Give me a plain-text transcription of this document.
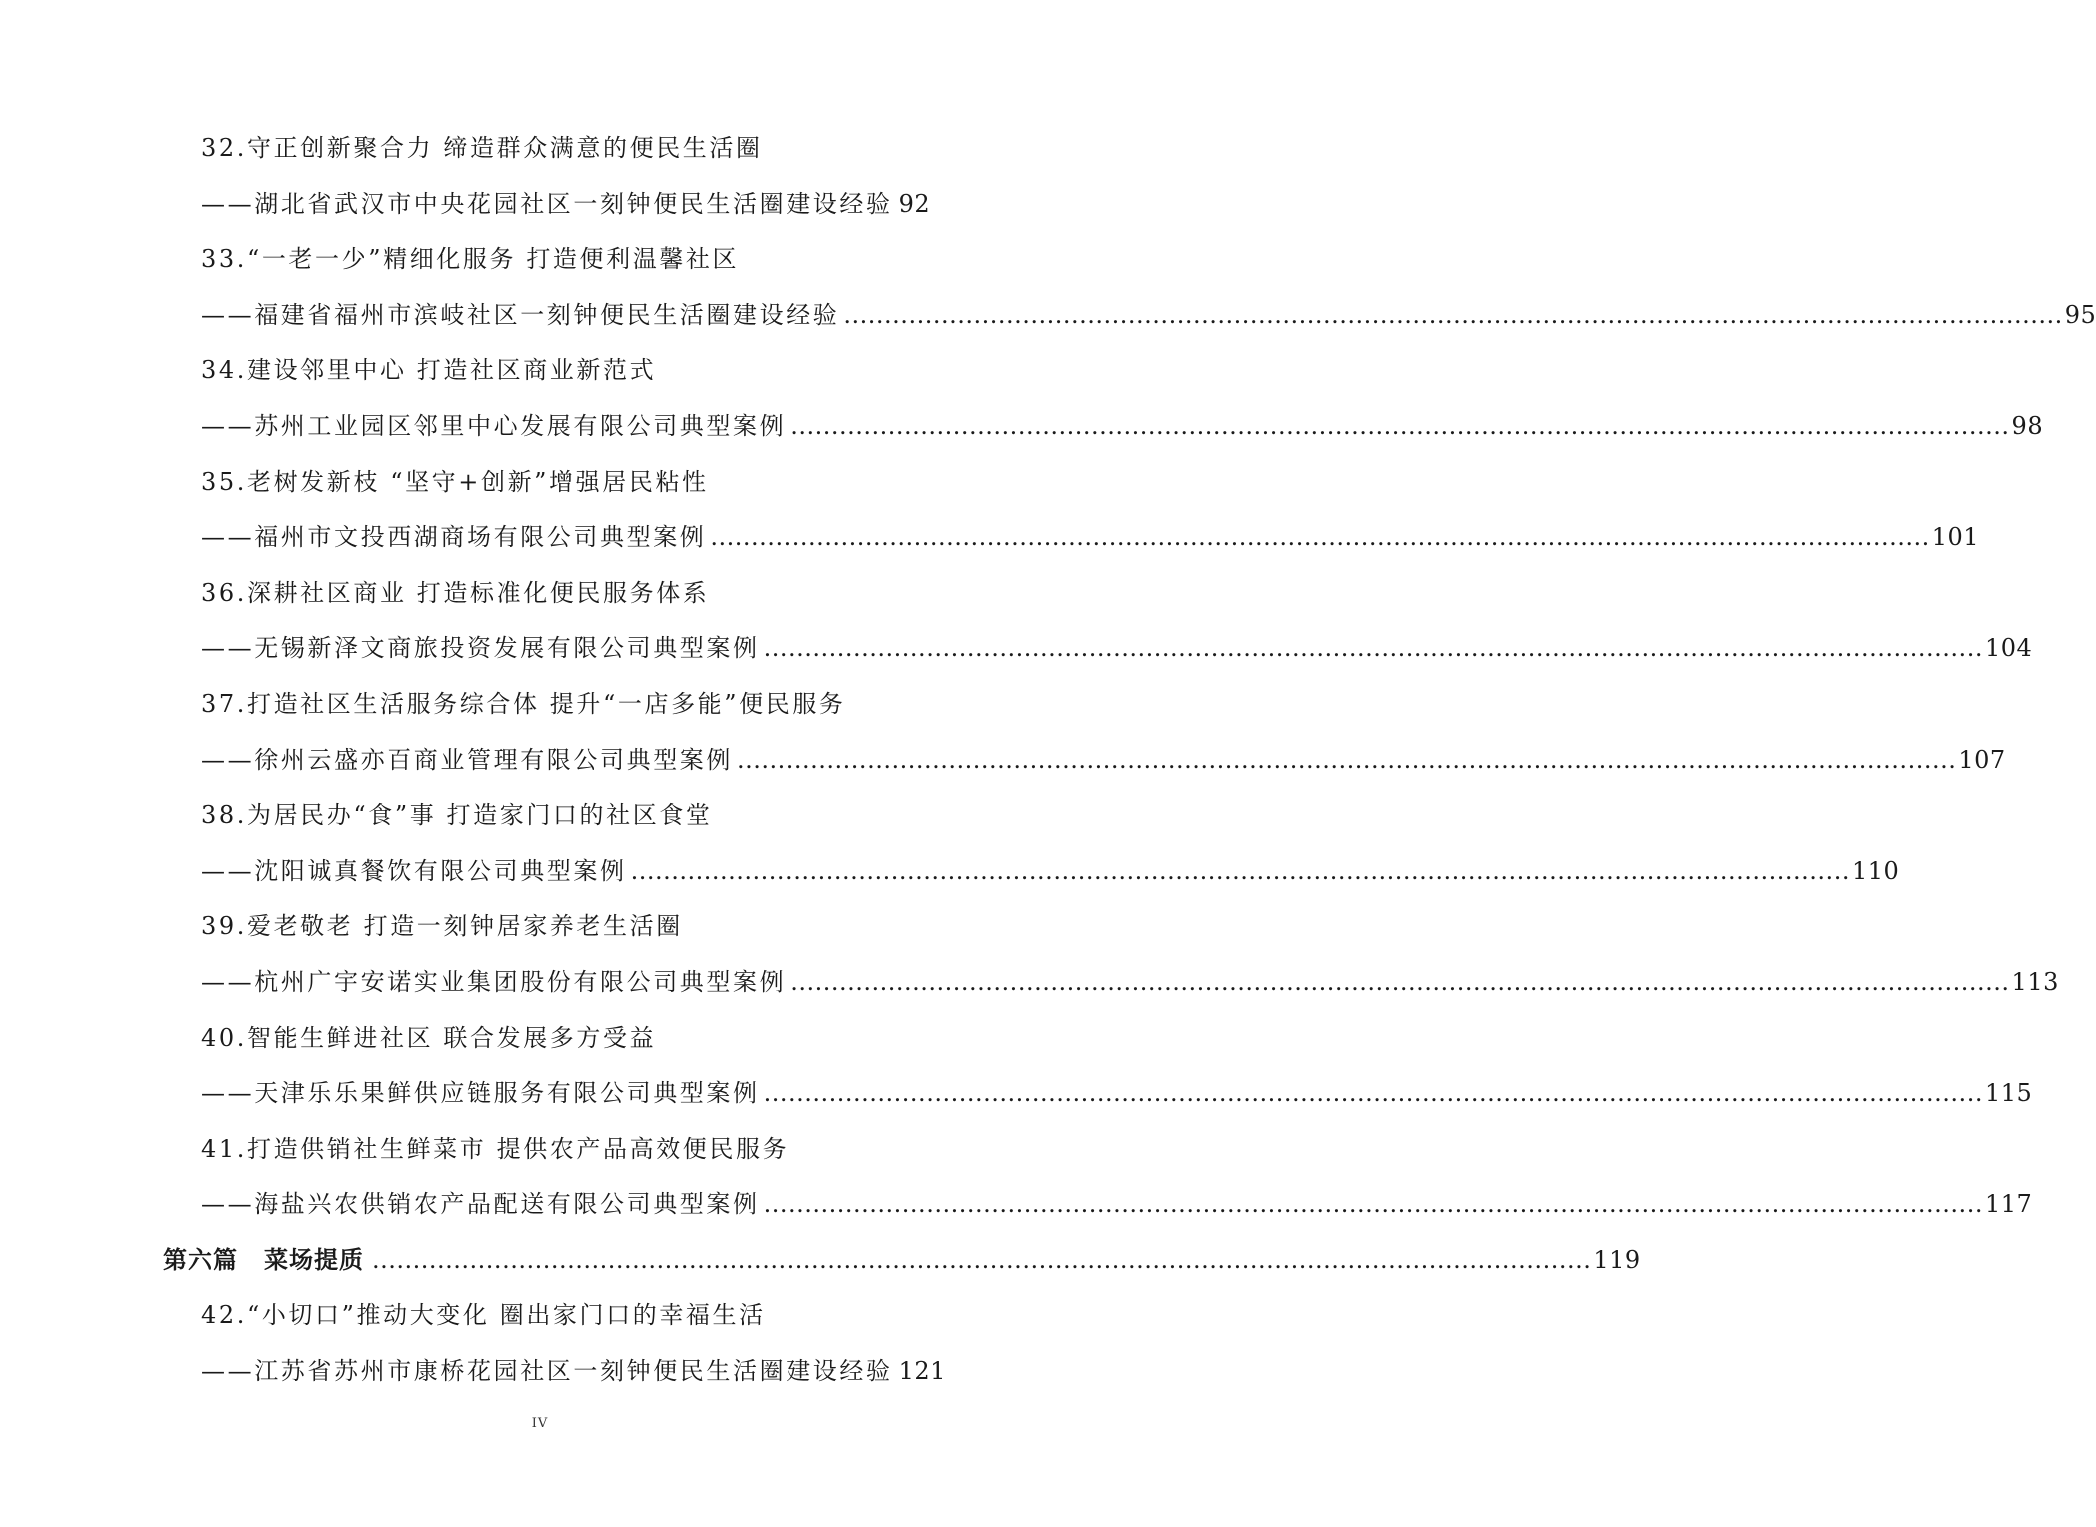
32.守正创新聚合力 缔造群众满意的便民生活圈
——湖北省武汉市中央花园社区一刻钟便民生活圈建设经验 92
33.“一老一少”精细化服务 打造便利温馨社区
——福建省福州市滨岐社区一刻钟便民生活圈建设经验 ...................................................................................................................................................... 95
34.建设邻里中心 打造社区商业新范式
——苏州工业园区邻里中心发展有限公司典型案例 ...................................................................................................................................................... 98
35.老树发新枝 “坚守+创新”增强居民粘性
——福州市文投西湖商场有限公司典型案例 ...................................................................................................................................................... 101
36.深耕社区商业 打造标准化便民服务体系
——无锡新泽文商旅投资发展有限公司典型案例 ...................................................................................................................................................... 104
37.打造社区生活服务综合体 提升“一店多能”便民服务
——徐州云盛亦百商业管理有限公司典型案例 ...................................................................................................................................................... 107
38.为居民办“食”事 打造家门口的社区食堂
——沈阳诚真餐饮有限公司典型案例 ...................................................................................................................................................... 110
39.爱老敬老 打造一刻钟居家养老生活圈
——杭州广宇安诺实业集团股份有限公司典型案例 ...................................................................................................................................................... 113
40.智能生鲜进社区 联合发展多方受益
——天津乐乐果鲜供应链服务有限公司典型案例 ...................................................................................................................................................... 115
41.打造供销社生鲜菜市 提供农产品高效便民服务
——海盐兴农供销农产品配送有限公司典型案例 ...................................................................................................................................................... 117
第六篇 菜场提质 ...................................................................................................................................................... 119
42.“小切口”推动大变化 圈出家门口的幸福生活
——江苏省苏州市康桥花园社区一刻钟便民生活圈建设经验 121
IV
